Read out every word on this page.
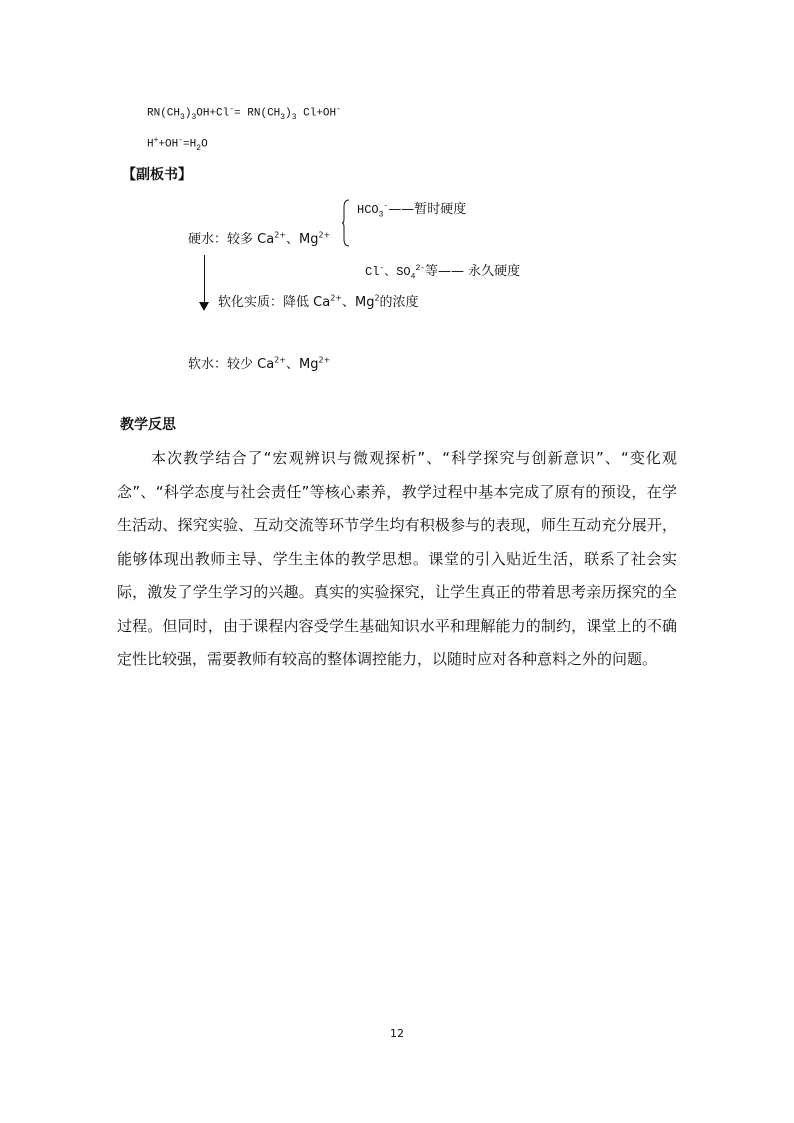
$RN(CH_3)_3OH+Cl^-= RN(CH_3)_3$ Cl+OH-
$H^++OH^-=H_2O$
【副板书】
$HCO_3^-——$暂时硬度
硬水：较多 $Ca^{2+}$、$Mg^{2+}$
Cl-、$SO_4^{2-}$等—— 永久硬度
软化实质：降低 $Ca^{2+}$、Mg$^2$的浓度
软水：较少 $Ca^{2+}$、$Mg^{2+}$
教学反思
本次教学结合了“宏观辨识与微观探析”、“科学探究与创新意识”、“变化观念”、“科学态度与社会责任”等核心素养，教学过程中基本完成了原有的预设，在学生活动、探究实验、互动交流等环节学生均有积极参与的表现，师生互动充分展开，能够体现出教师主导、学生主体的教学思想。课堂的引入贴近生活，联系了社会实际，激发了学生学习的兴趣。真实的实验探究，让学生真正的带着思考亲历探究的全过程。但同时，由于课程内容受学生基础知识水平和理解能力的制约，课堂上的不确定性比较强，需要教师有较高的整体调控能力，以随时应对各种意料之外的问题。
12
